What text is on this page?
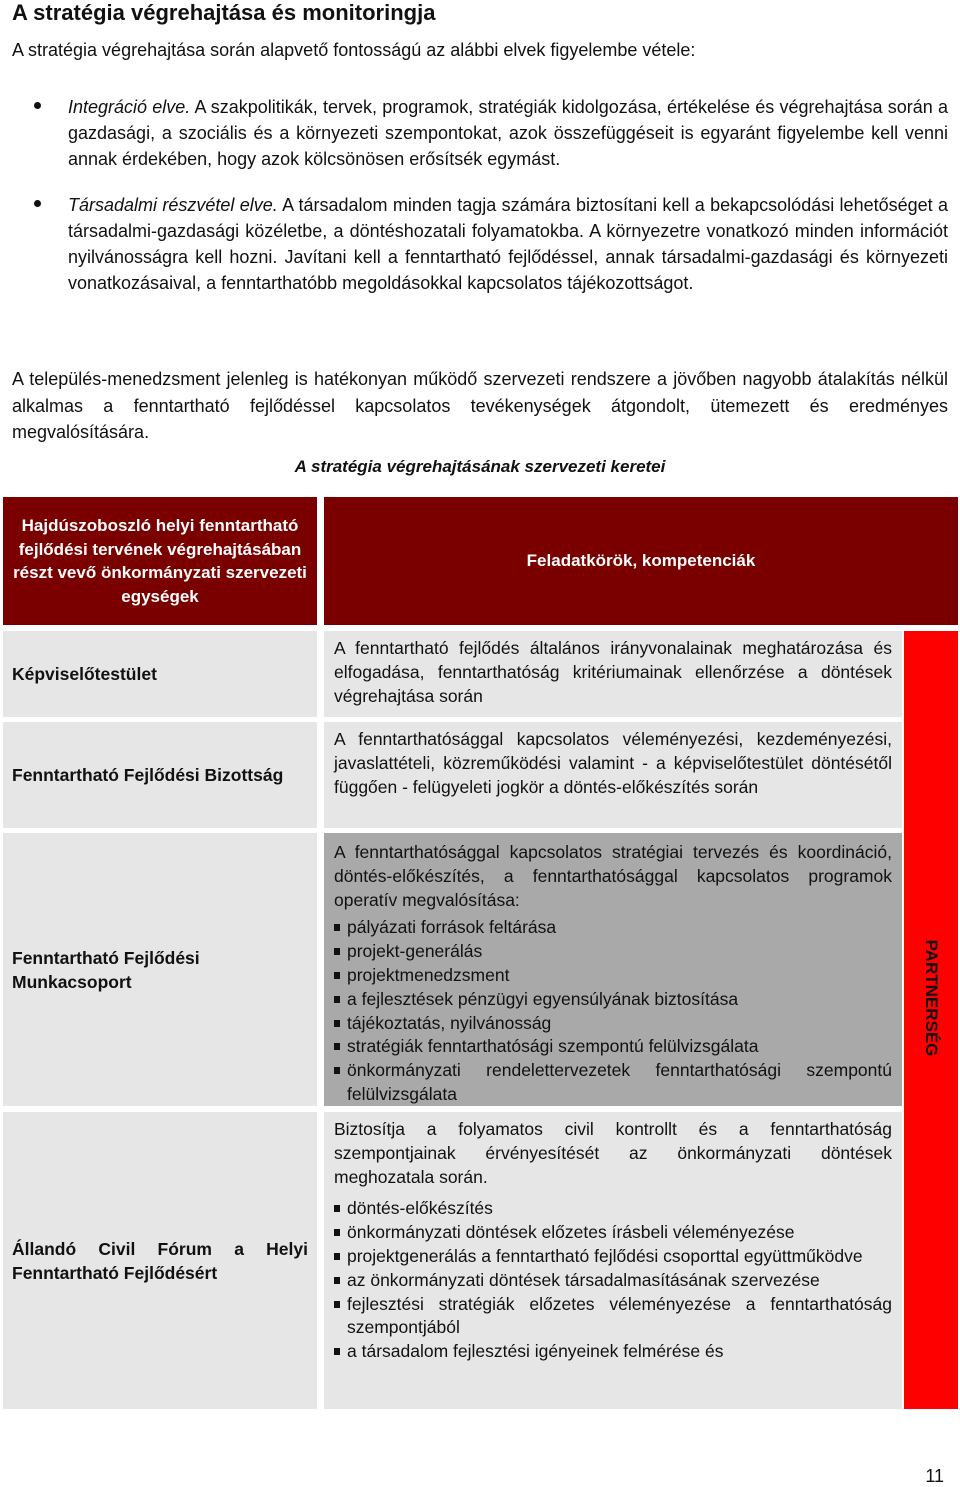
A stratégia végrehajtása és monitoringja
A stratégia végrehajtása során alapvető fontosságú az alábbi elvek figyelembe vétele:
Integráció elve. A szakpolitikák, tervek, programok, stratégiák kidolgozása, értékelése és végrehajtása során a gazdasági, a szociális és a környezeti szempontokat, azok összefüggéseit is egyaránt figyelembe kell venni annak érdekében, hogy azok kölcsönösen erősítsék egymást.
Társadalmi részvétel elve. A társadalom minden tagja számára biztosítani kell a bekapcsolódási lehetőséget a társadalmi-gazdasági közéletbe, a döntéshozatali folyamatokba. A környezetre vonatkozó minden információt nyilvánosságra kell hozni. Javítani kell a fenntartható fejlődéssel, annak társadalmi-gazdasági és környezeti vonatkozásaival, a fenntarthatóbb megoldásokkal kapcsolatos tájékozottságot.
A település-menedzsment jelenleg is hatékonyan működő szervezeti rendszere a jövőben nagyobb átalakítás nélkül alkalmas a fenntartható fejlődéssel kapcsolatos tevékenységek átgondolt, ütemezett és eredményes megvalósítására.
A stratégia végrehajtásának szervezeti keretei
Hajdúszoboszló helyi fenntartható fejlődési tervének végrehajtásában részt vevő önkormányzati szervezeti egységek
Feladatkörök, kompetenciák
Képviselőtestület
A fenntartható fejlődés általános irányvonalainak meghatározása és elfogadása, fenntarthatóság kritériumainak ellenőrzése a döntések végrehajtása során
Fenntartható Fejlődési Bizottság
A fenntarthatósággal kapcsolatos véleményezési, kezdeményezési, javaslattételi, közreműködési valamint - a képviselőtestület döntésétől függően - felügyeleti jogkör a döntés-előkészítés során
Fenntartható Fejlődési Munkacsoport
A fenntarthatósággal kapcsolatos stratégiai tervezés és koordináció, döntés-előkészítés, a fenntarthatósággal kapcsolatos programok operatív megvalósítása:
pályázati források feltárása
projekt-generálás
projektmenedzsment
a fejlesztések pénzügyi egyensúlyának biztosítása
tájékoztatás, nyilvánosság
stratégiák fenntarthatósági szempontú felülvizsgálata
önkormányzati rendelettervezetek fenntarthatósági szempontú felülvizsgálata
Állandó Civil Fórum a Helyi Fenntartható Fejlődésért
Biztosítja a folyamatos civil kontrollt és a fenntarthatóság szempontjainak érvényesítését az önkormányzati döntések meghozatala során.
döntés-előkészítés
önkormányzati döntések előzetes írásbeli véleményezése
projektgenerálás a fenntartható fejlődési csoporttal együttműködve
az önkormányzati döntések társadalmasításának szervezése
fejlesztési stratégiák előzetes véleményezése a fenntarthatóság szempontjából
a társadalom fejlesztési igényeinek felmérése és
PARTNERSÉG
11
